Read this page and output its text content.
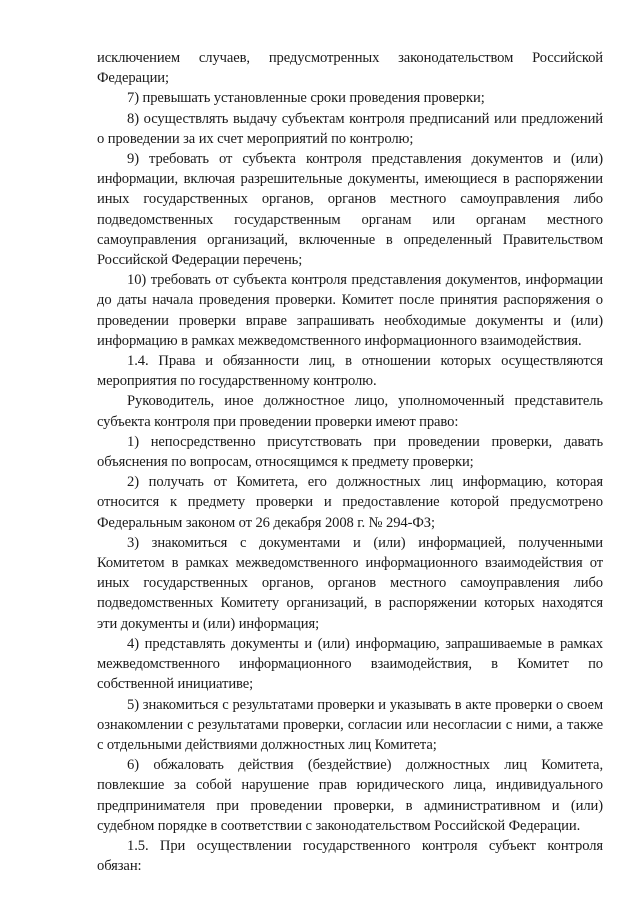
исключением случаев, предусмотренных законодательством Российской Федерации;

7) превышать установленные сроки проведения проверки;

8) осуществлять выдачу субъектам контроля предписаний или предложений о проведении за их счет мероприятий по контролю;

9) требовать от субъекта контроля представления документов и (или) информации, включая разрешительные документы, имеющиеся в распоряжении иных государственных органов, органов местного самоуправления либо подведомственных государственным органам или органам местного самоуправления организаций, включенные в определенный Правительством Российской Федерации перечень;

10) требовать от субъекта контроля представления документов, информации до даты начала проведения проверки. Комитет после принятия распоряжения о проведении проверки вправе запрашивать необходимые документы и (или) информацию в рамках межведомственного информационного взаимодействия.

1.4. Права и обязанности лиц, в отношении которых осуществляются мероприятия по государственному контролю.

Руководитель, иное должностное лицо, уполномоченный представитель субъекта контроля при проведении проверки имеют право:

1) непосредственно присутствовать при проведении проверки, давать объяснения по вопросам, относящимся к предмету проверки;

2) получать от Комитета, его должностных лиц информацию, которая относится к предмету проверки и предоставление которой предусмотрено Федеральным законом от 26 декабря 2008 г. № 294-ФЗ;

3) знакомиться с документами и (или) информацией, полученными Комитетом в рамках межведомственного информационного взаимодействия от иных государственных органов, органов местного самоуправления либо подведомственных Комитету организаций, в распоряжении которых находятся эти документы и (или) информация;

4) представлять документы и (или) информацию, запрашиваемые в рамках межведомственного информационного взаимодействия, в Комитет по собственной инициативе;

5) знакомиться с результатами проверки и указывать в акте проверки о своем ознакомлении с результатами проверки, согласии или несогласии с ними, а также с отдельными действиями должностных лиц Комитета;

6) обжаловать действия (бездействие) должностных лиц Комитета, повлекшие за собой нарушение прав юридического лица, индивидуального предпринимателя при проведении проверки, в административном и (или) судебном порядке в соответствии с законодательством Российской Федерации.

1.5. При осуществлении государственного контроля субъект контроля обязан:
